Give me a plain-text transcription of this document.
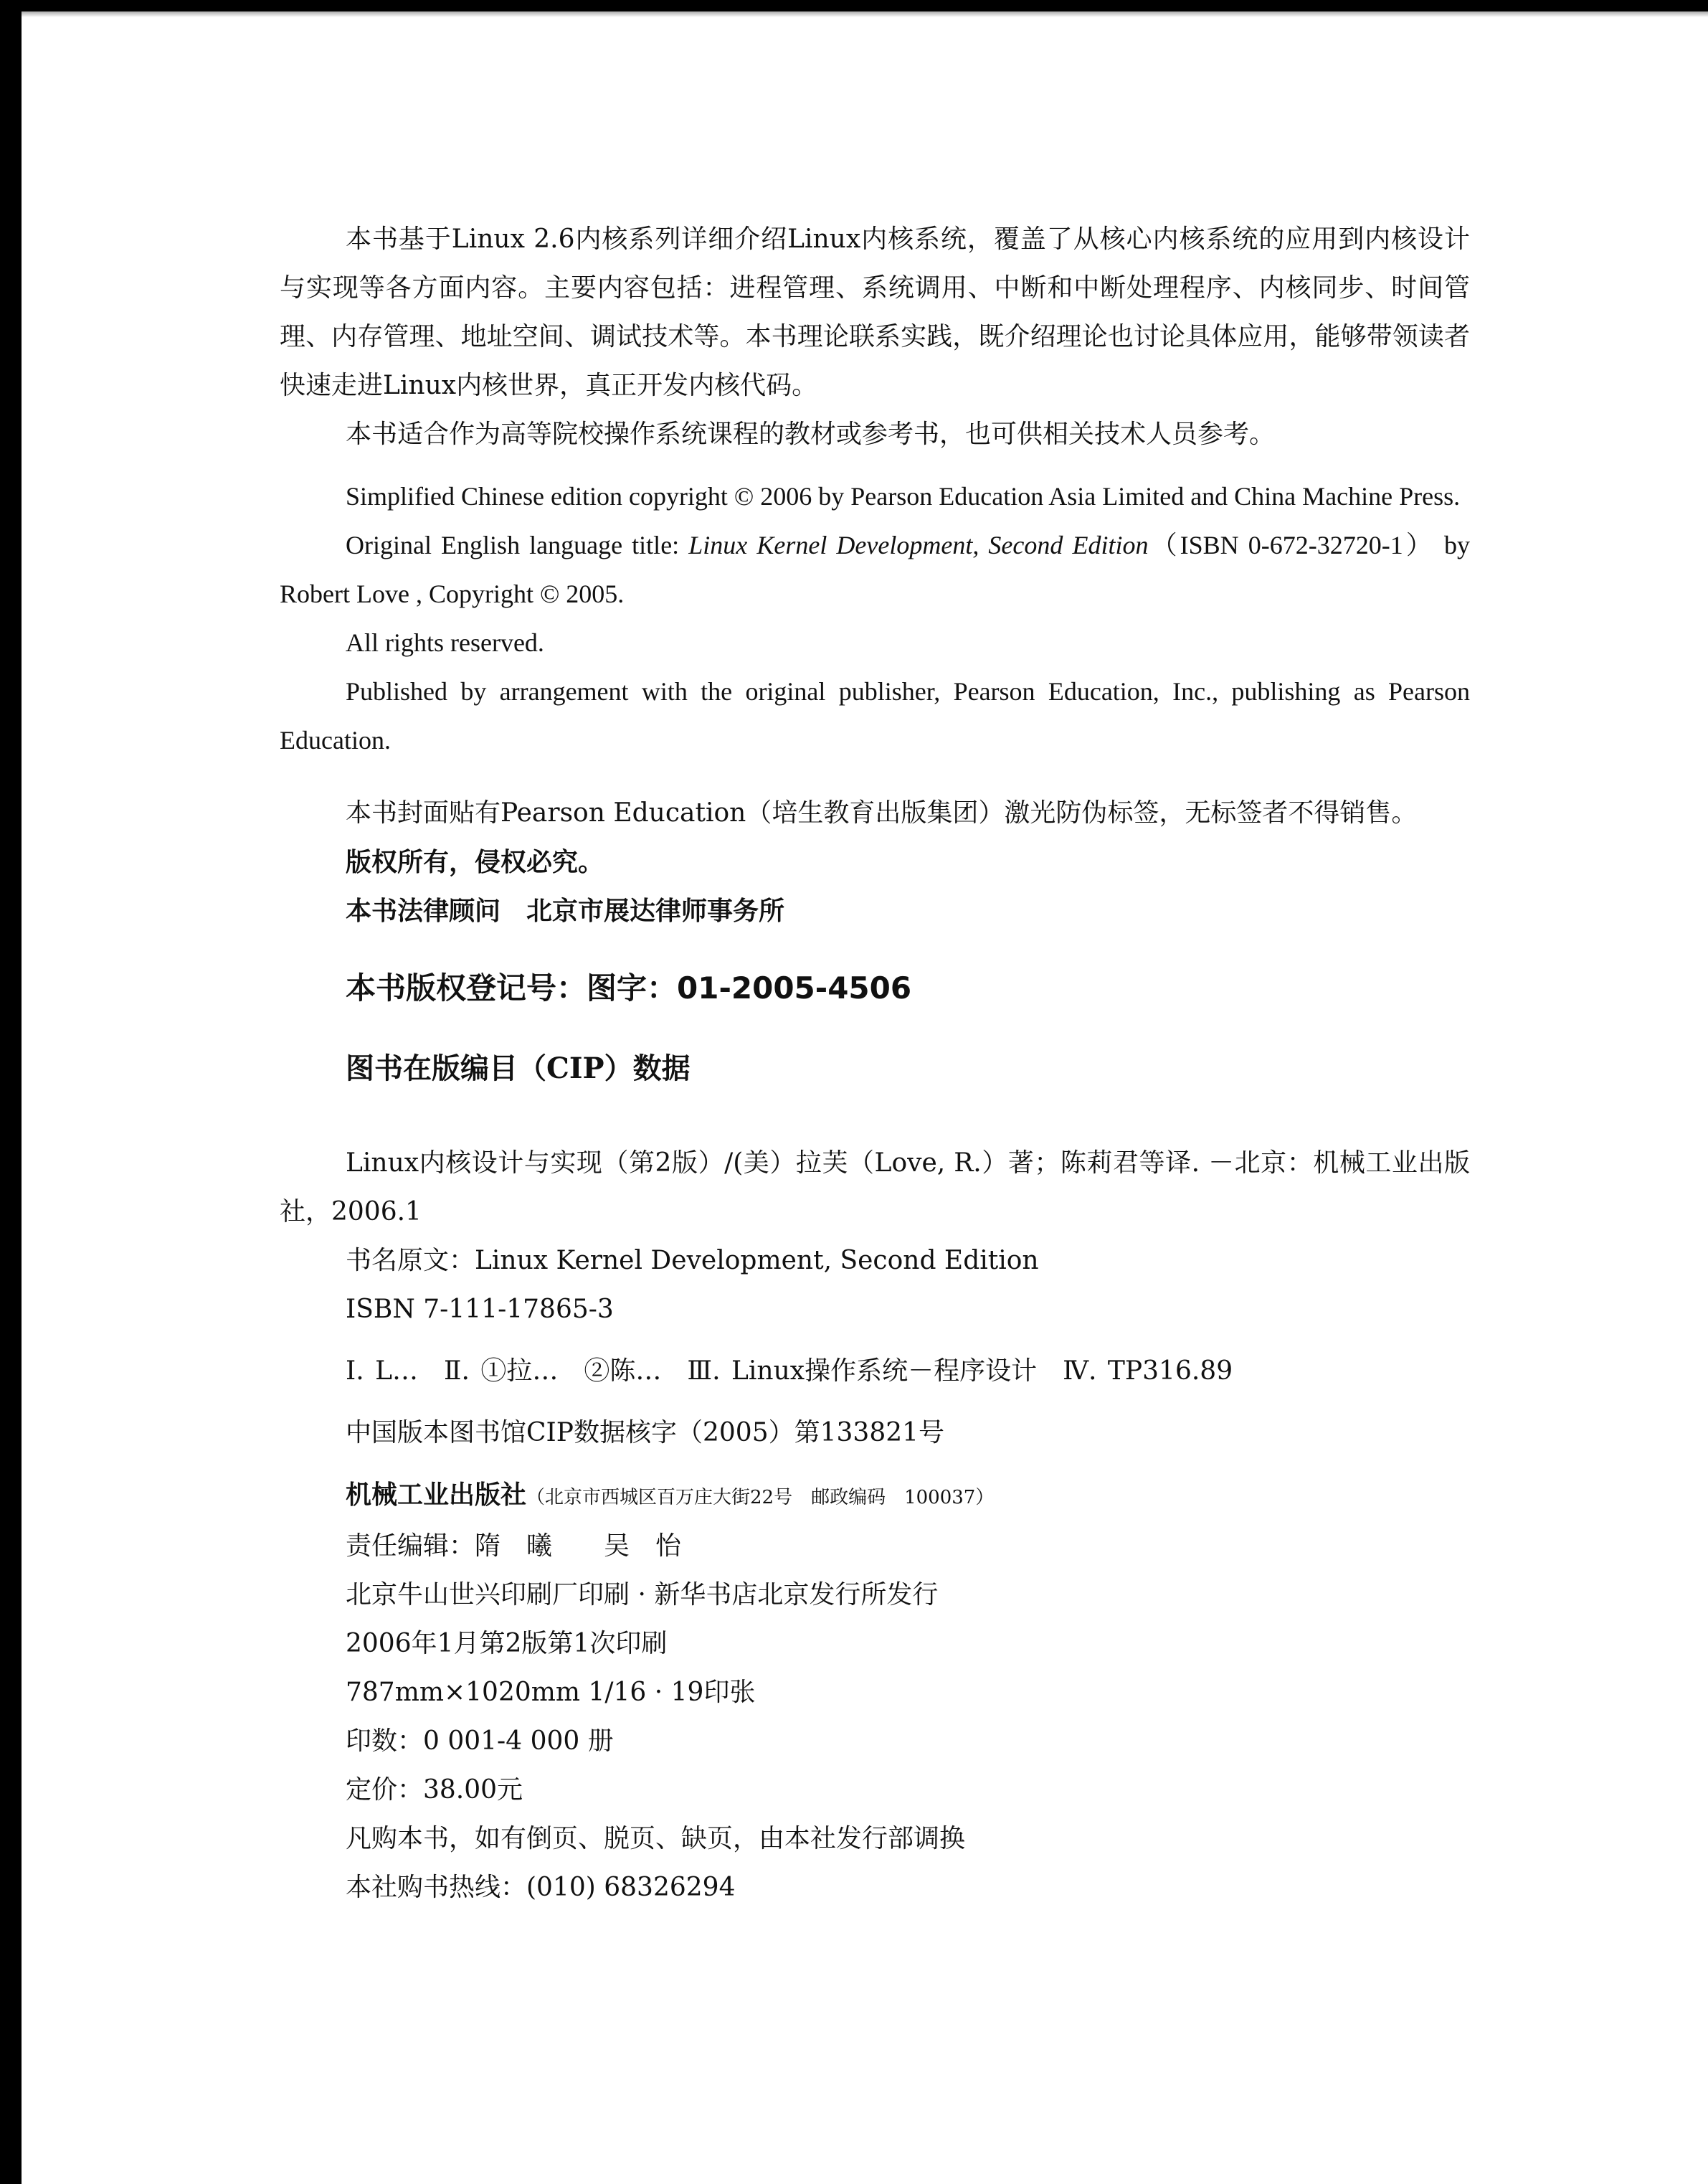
本书基于Linux 2.6内核系列详细介绍Linux内核系统，覆盖了从核心内核系统的应用到内核设计与实现等各方面内容。主要内容包括：进程管理、系统调用、中断和中断处理程序、内核同步、时间管理、内存管理、地址空间、调试技术等。本书理论联系实践，既介绍理论也讨论具体应用，能够带领读者快速走进Linux内核世界，真正开发内核代码。

本书适合作为高等院校操作系统课程的教材或参考书，也可供相关技术人员参考。

Simplified Chinese edition copyright © 2006 by Pearson Education Asia Limited and China Machine Press.

Original English language title: Linux Kernel Development, Second Edition（ISBN 0-672-32720-1） by Robert Love , Copyright © 2005.

All rights reserved.

Published by arrangement with the original publisher, Pearson Education, Inc., publishing as Pearson Education.

本书封面贴有Pearson Education（培生教育出版集团）激光防伪标签，无标签者不得销售。

版权所有，侵权必究。

本书法律顾问　北京市展达律师事务所

本书版权登记号：图字：01-2005-4506

图书在版编目（CIP）数据

Linux内核设计与实现（第2版）/(美）拉芙（Love, R.）著；陈莉君等译. －北京：机械工业出版社，2006.1

书名原文：Linux Kernel Development, Second Edition

ISBN 7-111-17865-3

Ⅰ. L…　Ⅱ. ①拉…　②陈…　Ⅲ. Linux操作系统－程序设计　Ⅳ. TP316.89

中国版本图书馆CIP数据核字（2005）第133821号

机械工业出版社（北京市西城区百万庄大街22号　邮政编码　100037）

责任编辑：隋　曦　　吴　怡

北京牛山世兴印刷厂印刷 · 新华书店北京发行所发行

2006年1月第2版第1次印刷

787mm×1020mm 1/16 · 19印张

印数：0 001-4 000 册

定价：38.00元

凡购本书，如有倒页、脱页、缺页，由本社发行部调换

本社购书热线：(010) 68326294
